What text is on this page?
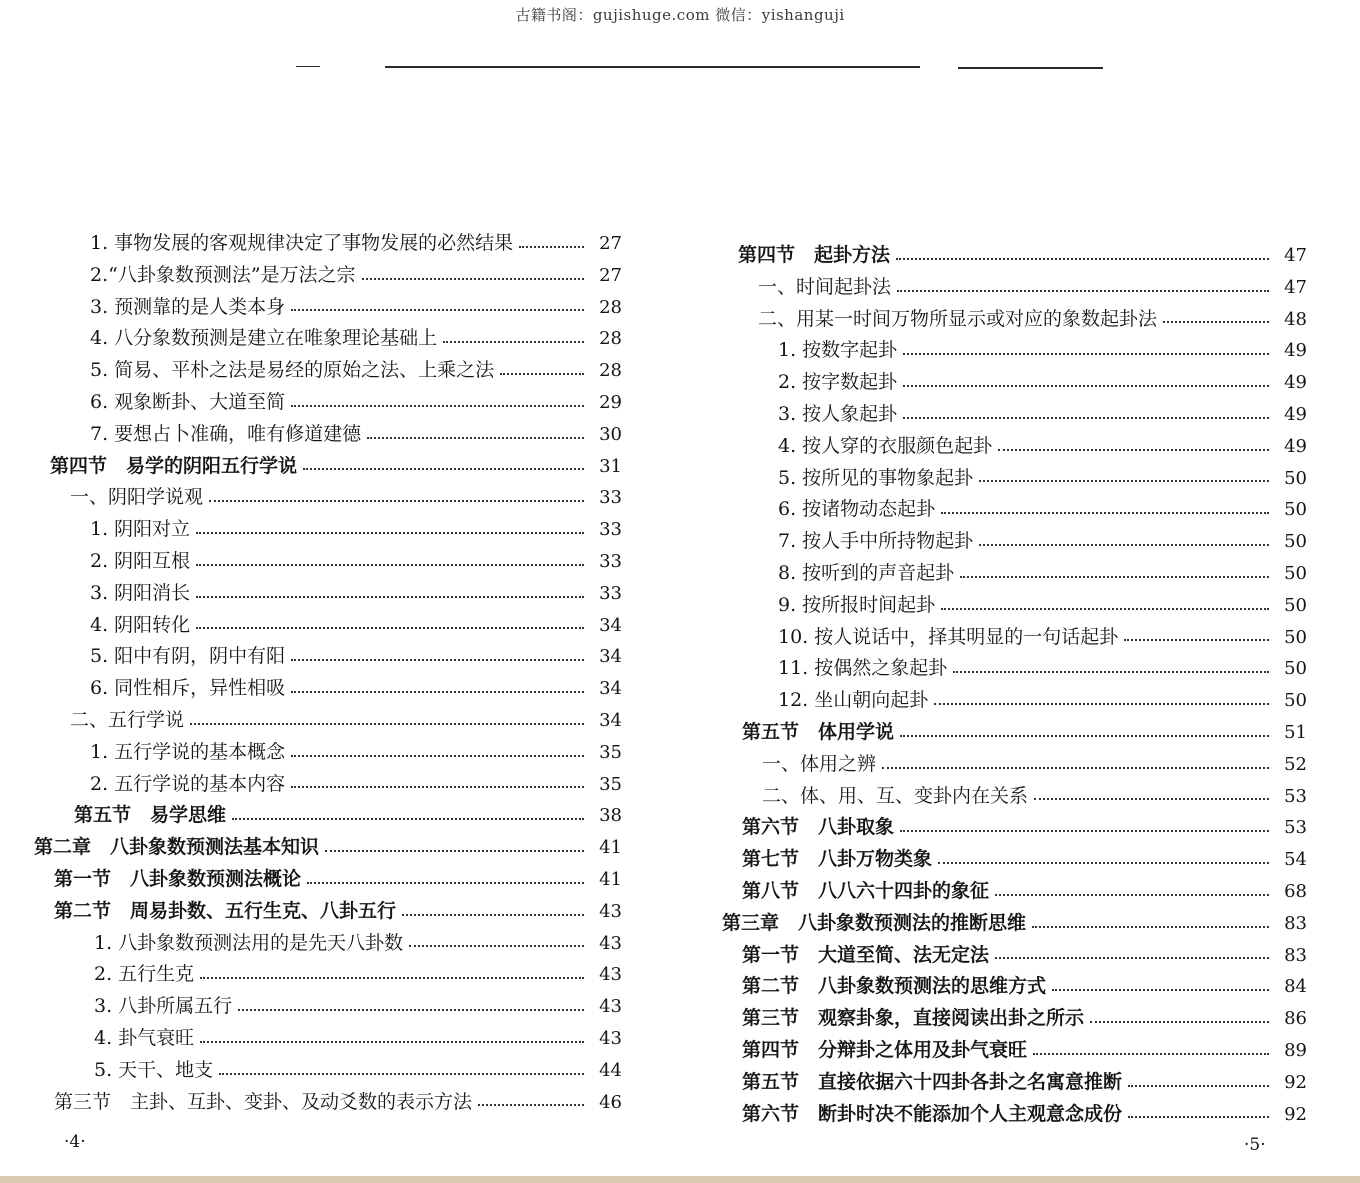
古籍书阁：gujishuge.com 微信：yishanguji
1. 事物发展的客观规律决定了事物发展的必然结果	27
2.“八卦象数预测法”是万法之宗	27
3. 预测靠的是人类本身	28
4. 八分象数预测是建立在唯象理论基础上	28
5. 简易、平朴之法是易经的原始之法、上乘之法	28
6. 观象断卦、大道至简	29
7. 要想占卜准确，唯有修道建德	30
第四节　易学的阴阳五行学说	31
一、阴阳学说观	33
1. 阴阳对立	33
2. 阴阳互根	33
3. 阴阳消长	33
4. 阴阳转化	34
5. 阳中有阴，阴中有阳	34
6. 同性相斥，异性相吸	34
二、五行学说	34
1. 五行学说的基本概念	35
2. 五行学说的基本内容	35
第五节　易学思维	38
第二章　八卦象数预测法基本知识	41
第一节　八卦象数预测法概论	41
第二节　周易卦数、五行生克、八卦五行	43
1. 八卦象数预测法用的是先天八卦数	43
2. 五行生克	43
3. 八卦所属五行	43
4. 卦气衰旺	43
5. 天干、地支	44
第三节　主卦、互卦、变卦、及动爻数的表示方法	46
第四节　起卦方法	47
一、时间起卦法	47
二、用某一时间万物所显示或对应的象数起卦法	48
1. 按数字起卦	49
2. 按字数起卦	49
3. 按人象起卦	49
4. 按人穿的衣服颜色起卦	49
5. 按所见的事物象起卦	50
6. 按诸物动态起卦	50
7. 按人手中所持物起卦	50
8. 按听到的声音起卦	50
9. 按所报时间起卦	50
10. 按人说话中，择其明显的一句话起卦	50
11. 按偶然之象起卦	50
12. 坐山朝向起卦	50
第五节　体用学说	51
一、体用之辨	52
二、体、用、互、变卦内在关系	53
第六节　八卦取象	53
第七节　八卦万物类象	54
第八节　八八六十四卦的象征	68
第三章　八卦象数预测法的推断思维	83
第一节　大道至简、法无定法	83
第二节　八卦象数预测法的思维方式	84
第三节　观察卦象，直接阅读出卦之所示	86
第四节　分辩卦之体用及卦气衰旺	89
第五节　直接依据六十四卦各卦之名寓意推断	92
第六节　断卦时决不能添加个人主观意念成份	92
·4·	·5·
